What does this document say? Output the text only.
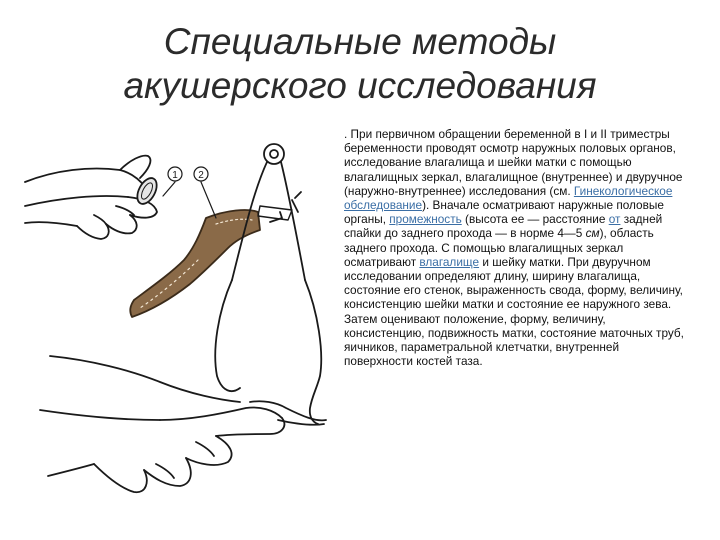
Специальные методы
акушерского исследования
1 2

. При первичном обращении беременной в I и II триместры беременности проводят осмотр наружных половых органов, исследование влагалища и шейки матки с помощью влагалищных зеркал, влагалищное (внутреннее) и двуручное (наружно-внутреннее) исследования (см. Гинекологическое обследование). Вначале осматривают наружные половые органы, промежность (высота ее — расстояние от задней спайки до заднего прохода — в норме 4—5 см), область заднего прохода. С помощью влагалищных зеркал осматривают влагалище и шейку матки. При двуручном исследовании определяют длину, ширину влагалища, состояние его стенок, выраженность свода, форму, величину, консистенцию шейки матки и состояние ее наружного зева. Затем оценивают положение, форму, величину, консистенцию, подвижность матки, состояние маточных труб, яичников, параметральной клетчатки, внутренней поверхности костей таза.
